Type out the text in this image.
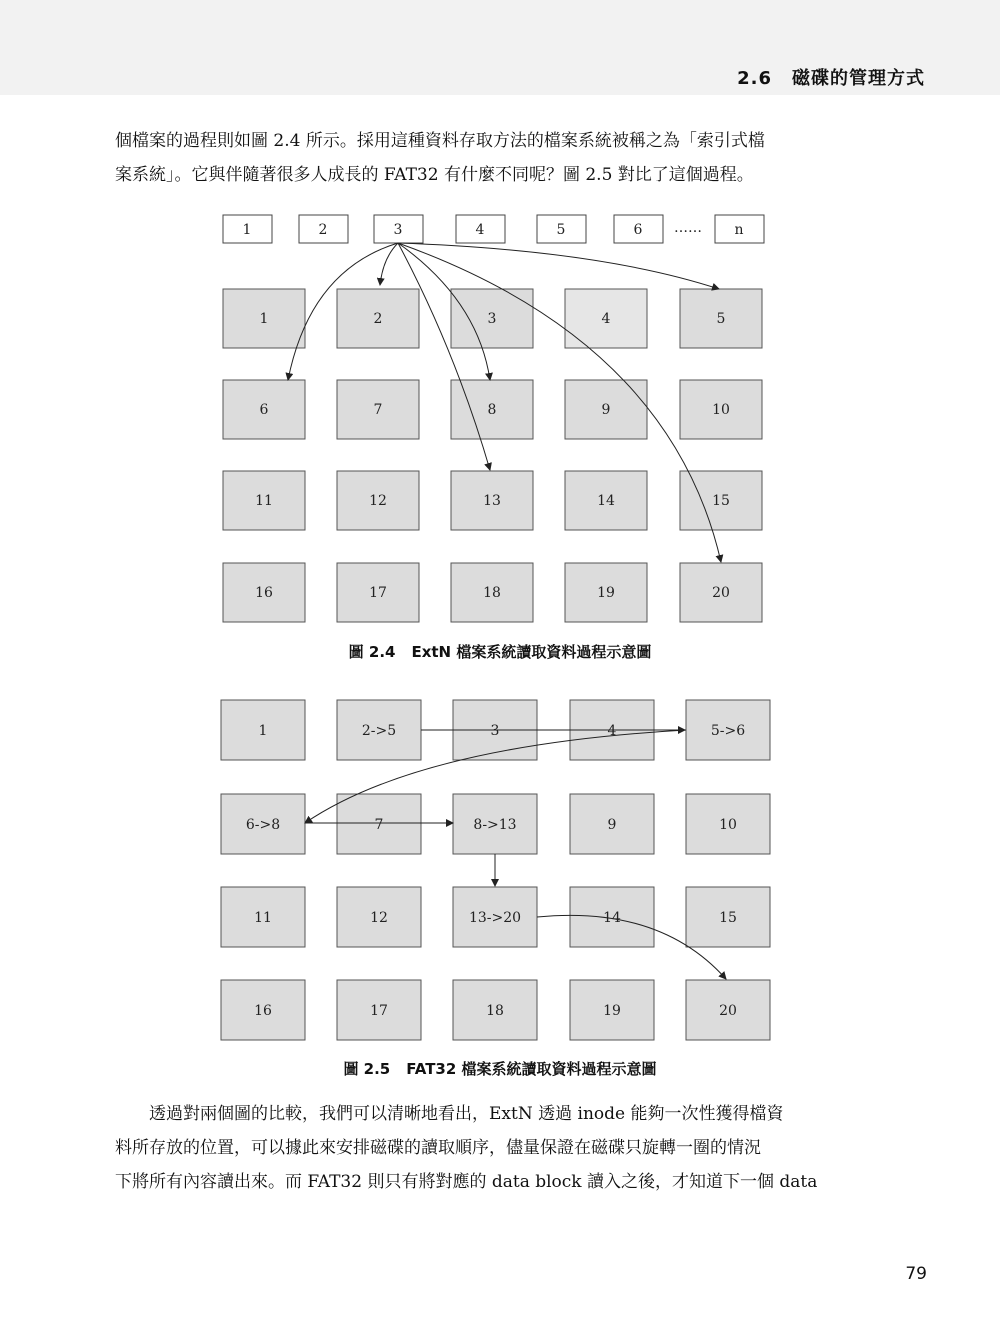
2.6 磁碟的管理方式

個檔案的過程則如圖 2.4 所示。採用這種資料存取方法的檔案系統被稱之為「索引式檔
案系統」。它與伴隨著很多人成長的 FAT32 有什麼不同呢？圖 2.5 對比了這個過程。

1	2	3	4	5	6 …… n
1	2	3	4	5
6	7	8	9	10
11	12	13	14	15
16	17	18	19	20
圖 2.4 ExtN 檔案系統讀取資料過程示意圖
1	2->5	3	4	5->6
6->8	7	8->13	9	10
11	12	13->20	14	15
16	17	18	19	20
圖 2.5 FAT32 檔案系統讀取資料過程示意圖

透過對兩個圖的比較，我們可以清晰地看出，ExtN 透過 inode 能夠一次性獲得檔資
料所存放的位置，可以據此來安排磁碟的讀取順序，儘量保證在磁碟只旋轉一圈的情況
下將所有內容讀出來。而 FAT32 則只有將對應的 data block 讀入之後，才知道下一個 data

79
